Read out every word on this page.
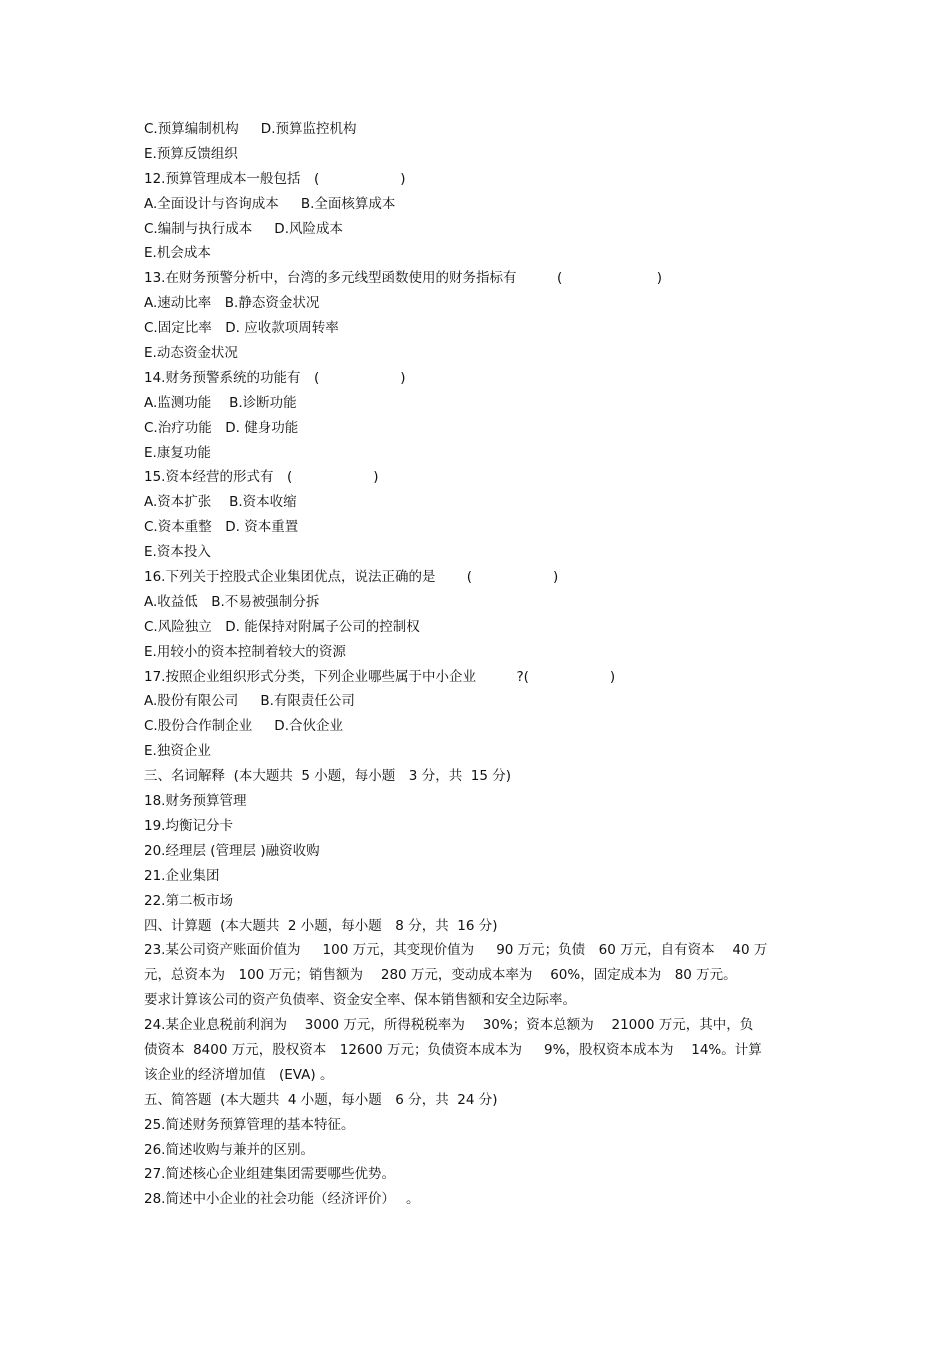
C.预算编制机构　  D.预算监控机构
E.预算反馈组织
12.预算管理成本一般包括　(　　　　　　)
A.全面设计与咨询成本　  B.全面核算成本
C.编制与执行成本　  D.风险成本
E.机会成本
13.在财务预警分析中，台湾的多元线型函数使用的财务指标有　　　(　　　　　　　)
A.速动比率　B.静态资金状况
C.固定比率　D. 应收款项周转率
E.动态资金状况
14.财务预警系统的功能有　(　　　　　　)
A.监测功能　 B.诊断功能
C.治疗功能　D. 健身功能
E.康复功能
15.资本经营的形式有　(　　　　　　)
A.资本扩张　 B.资本收缩
C.资本重整　D. 资本重置
E.资本投入
16.下列关于控股式企业集团优点，说法正确的是　　 (　　　　　　)
A.收益低　B.不易被强制分拆
C.风险独立　D. 能保持对附属子公司的控制权
E.用较小的资本控制着较大的资源
17.按照企业组织形式分类，下列企业哪些属于中小企业　　　?(　　　　　　)
A.股份有限公司　  B.有限责任公司
C.股份合作制企业　  D.合伙企业
E.独资企业
三、名词解释  (本大题共  5 小题，每小题　3 分，共  15 分)
18.财务预算管理
19.均衡记分卡
20.经理层 (管理层 )融资收购
21.企业集团
22.第二板市场
四、计算题  (本大题共  2 小题，每小题　8 分，共  16 分)
23.某公司资产账面价值为　  100 万元，其变现价值为　  90 万元；负债　60 万元，自有资本　 40 万
元，总资本为　100 万元；销售额为　 280 万元，变动成本率为　 60%，固定成本为　80 万元。
要求计算该公司的资产负债率、资金安全率、保本销售额和安全边际率。
24.某企业息税前利润为　 3000 万元，所得税税率为　 30%；资本总额为　 21000 万元，其中，负
债资本  8400 万元，股权资本　12600 万元；负债资本成本为　  9%，股权资本成本为　 14%。计算
该企业的经济增加值　(EVA) 。
五、简答题  (本大题共  4 小题，每小题　6 分，共  24 分)
25.简述财务预算管理的基本特征。
26.简述收购与兼并的区别。
27.简述核心企业组建集团需要哪些优势。
28.简述中小企业的社会功能（经济评价）　 。
